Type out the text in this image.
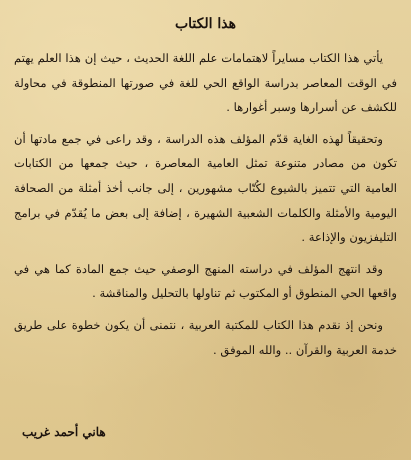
هذا الكتاب

يأتي هذا الكتاب مسايراً لاهتمامات علم اللغة الحديث ، حيث إن هذا العلم يهتم في الوقت المعاصر بدراسة الواقع الحي للغة في صورتها المنطوقة في محاولة للكشف عن أسرارها وسبر أغوارها .

وتحقيقاً لهذه الغاية قدّم المؤلف هذه الدراسة ، وقد راعى في جمع مادتها أن تكون من مصادر متنوعة تمثل العامية المعاصرة ، حيث جمعها من الكتابات العامية التي تتميز بالشيوع لكُتّاب مشهورين ، إلى جانب أخذ أمثلة من الصحافة اليومية والأمثلة والكلمات الشعبية الشهيرة ، إضافة إلى بعض ما يُقدّم في برامج التليفزيون والإذاعة .

وقد انتهج المؤلف في دراسته المنهج الوصفي حيث جمع المادة كما هي في واقعها الحي المنطوق أو المكتوب ثم تناولها بالتحليل والمناقشة .

ونحن إذ نقدم هذا الكتاب للمكتبة العربية ، نتمنى أن يكون خطوة على طريق خدمة العربية والقرآن .. والله الموفق .

هاني أحمد غريب
